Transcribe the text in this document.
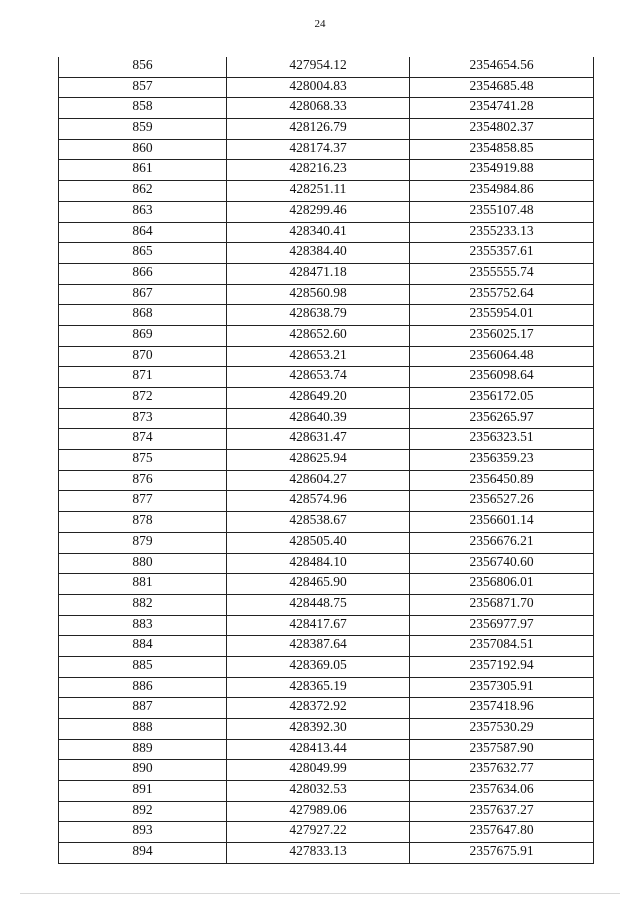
24
856	427954.12	2354654.56
857	428004.83	2354685.48
858	428068.33	2354741.28
859	428126.79	2354802.37
860	428174.37	2354858.85
861	428216.23	2354919.88
862	428251.11	2354984.86
863	428299.46	2355107.48
864	428340.41	2355233.13
865	428384.40	2355357.61
866	428471.18	2355555.74
867	428560.98	2355752.64
868	428638.79	2355954.01
869	428652.60	2356025.17
870	428653.21	2356064.48
871	428653.74	2356098.64
872	428649.20	2356172.05
873	428640.39	2356265.97
874	428631.47	2356323.51
875	428625.94	2356359.23
876	428604.27	2356450.89
877	428574.96	2356527.26
878	428538.67	2356601.14
879	428505.40	2356676.21
880	428484.10	2356740.60
881	428465.90	2356806.01
882	428448.75	2356871.70
883	428417.67	2356977.97
884	428387.64	2357084.51
885	428369.05	2357192.94
886	428365.19	2357305.91
887	428372.92	2357418.96
888	428392.30	2357530.29
889	428413.44	2357587.90
890	428049.99	2357632.77
891	428032.53	2357634.06
892	427989.06	2357637.27
893	427927.22	2357647.80
894	427833.13	2357675.91
